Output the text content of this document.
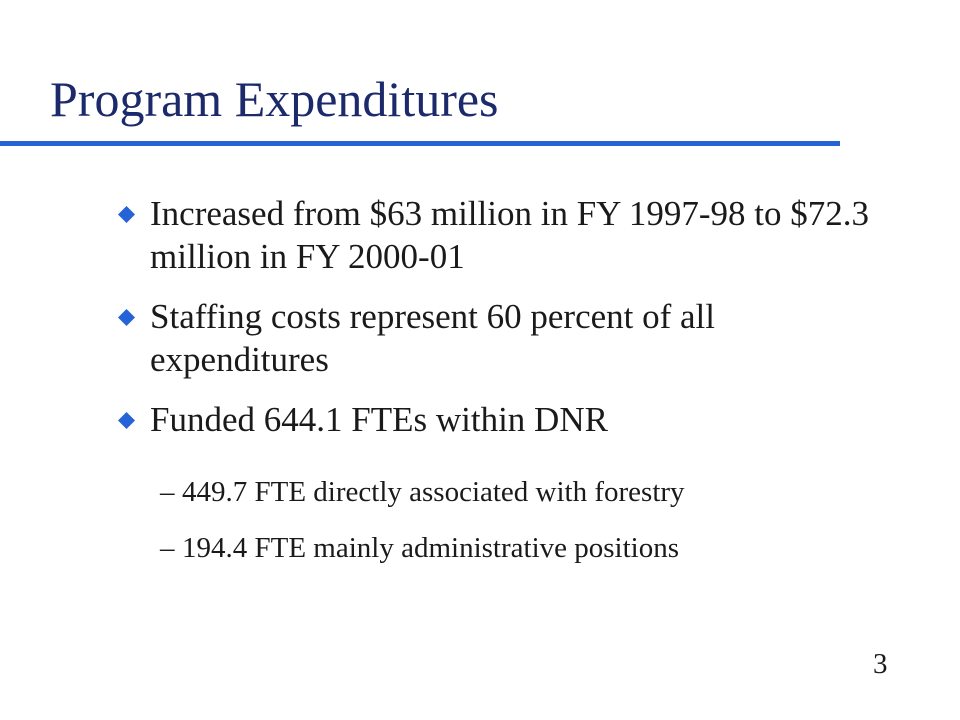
Program Expenditures
Increased from $63 million in FY 1997-98 to $72.3 million in FY 2000-01
Staffing costs represent 60 percent of all expenditures
Funded 644.1 FTEs within DNR
– 449.7 FTE directly associated with forestry
– 194.4 FTE mainly administrative positions
3
